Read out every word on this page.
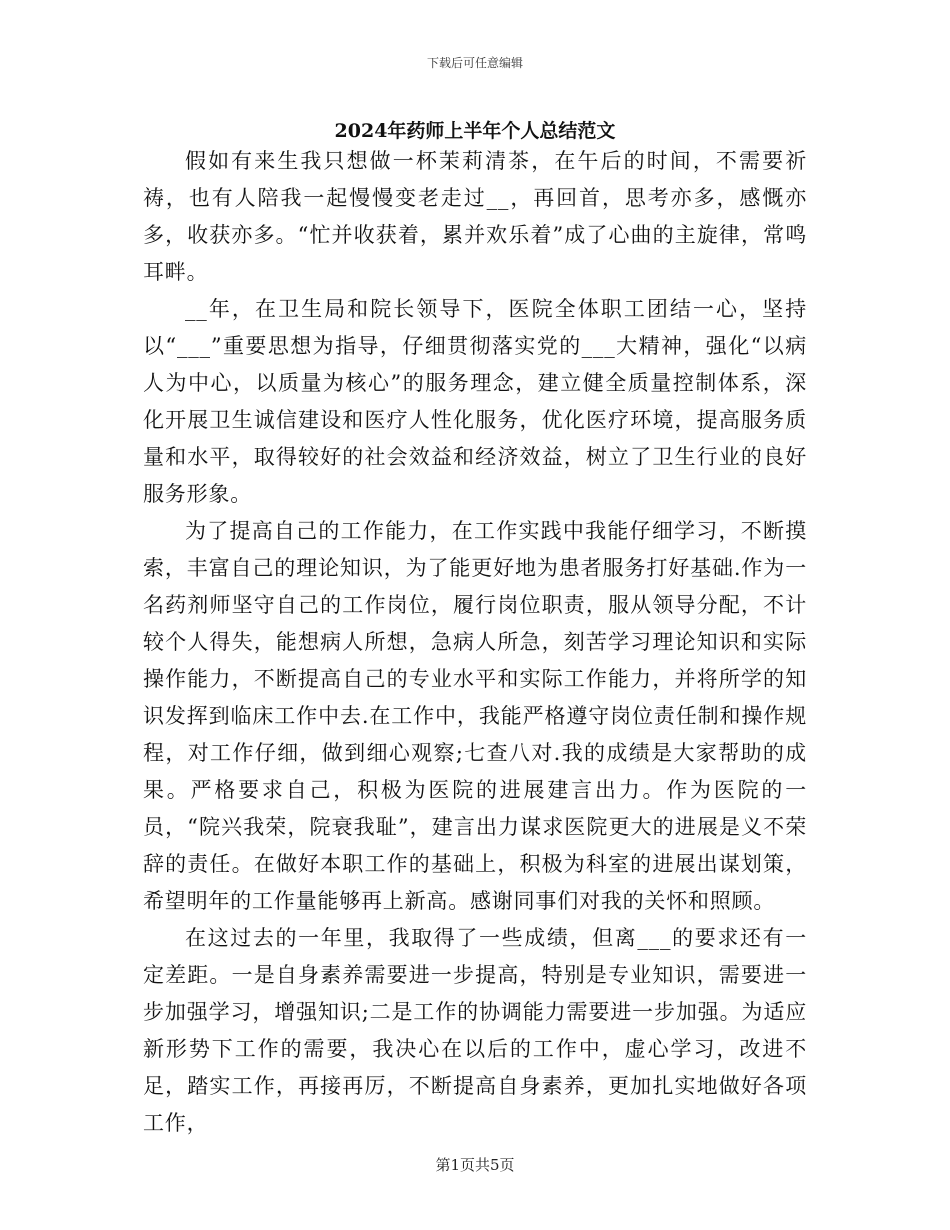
下载后可任意编辑
2024年药师上半年个人总结范文

假如有来生我只想做一杯茉莉清茶，在午后的时间，不需要祈祷，也有人陪我一起慢慢变老走过__，再回首，思考亦多，感慨亦多，收获亦多。“忙并收获着，累并欢乐着”成了心曲的主旋律，常鸣耳畔。

__年，在卫生局和院长领导下，医院全体职工团结一心，坚持以“___”重要思想为指导，仔细贯彻落实党的___大精神，强化“以病人为中心，以质量为核心”的服务理念，建立健全质量控制体系，深化开展卫生诚信建设和医疗人性化服务，优化医疗环境，提高服务质量和水平，取得较好的社会效益和经济效益，树立了卫生行业的良好服务形象。

为了提高自己的工作能力，在工作实践中我能仔细学习，不断摸索，丰富自己的理论知识，为了能更好地为患者服务打好基础.作为一名药剂师坚守自己的工作岗位，履行岗位职责，服从领导分配，不计较个人得失，能想病人所想，急病人所急，刻苦学习理论知识和实际操作能力，不断提高自己的专业水平和实际工作能力，并将所学的知识发挥到临床工作中去.在工作中，我能严格遵守岗位责任制和操作规程，对工作仔细，做到细心观察;七查八对.我的成绩是大家帮助的成果。严格要求自己，积极为医院的进展建言出力。作为医院的一员，“院兴我荣，院衰我耻”，建言出力谋求医院更大的进展是义不荣辞的责任。在做好本职工作的基础上，积极为科室的进展出谋划策，希望明年的工作量能够再上新高。感谢同事们对我的关怀和照顾。

在这过去的一年里，我取得了一些成绩，但离___的要求还有一定差距。一是自身素养需要进一步提高，特别是专业知识，需要进一步加强学习，增强知识;二是工作的协调能力需要进一步加强。为适应新形势下工作的需要，我决心在以后的工作中，虚心学习，改进不足，踏实工作，再接再厉，不断提高自身素养，更加扎实地做好各项工作，

第1页共5页
